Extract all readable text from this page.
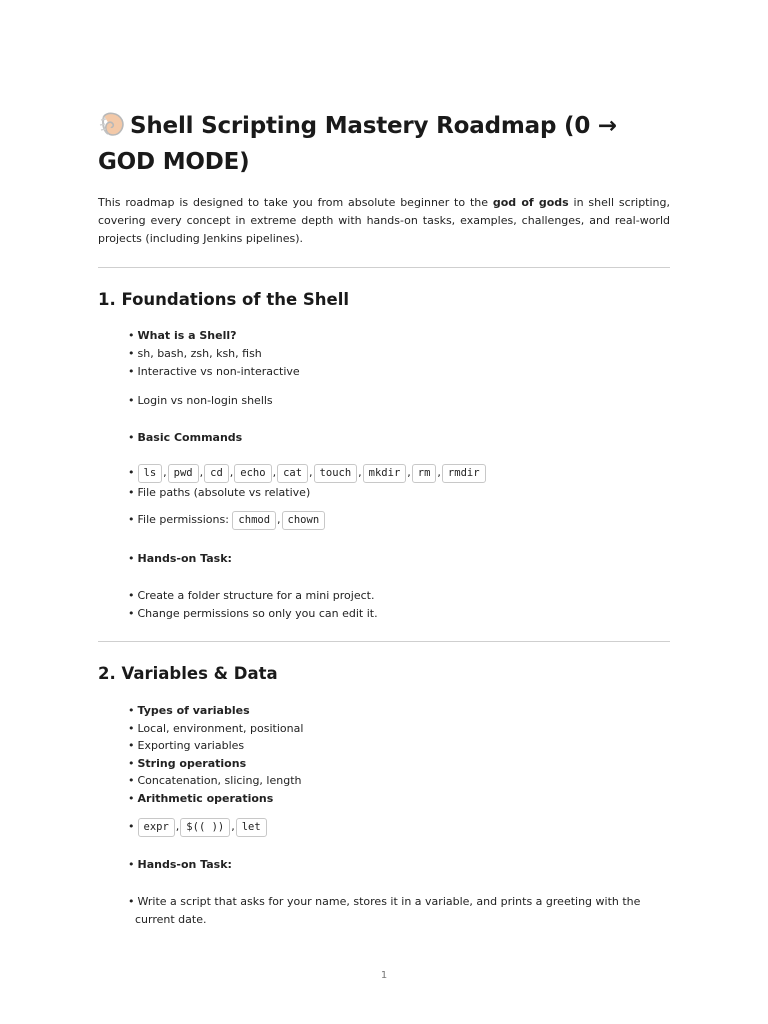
Shell Scripting Mastery Roadmap (0 → GOD MODE)

This roadmap is designed to take you from absolute beginner to the god of gods in shell scripting, covering every concept in extreme depth with hands-on tasks, examples, challenges, and real-world projects (including Jenkins pipelines).

1. Foundations of the Shell
• What is a Shell?
• sh, bash, zsh, ksh, fish
• Interactive vs non-interactive
• Login vs non-login shells
• Basic Commands
• ls , pwd , cd , echo , cat , touch , mkdir , rm , rmdir
• File paths (absolute vs relative)
• File permissions: chmod , chown
• Hands-on Task:
• Create a folder structure for a mini project.
• Change permissions so only you can edit it.
2. Variables & Data
• Types of variables
• Local, environment, positional
• Exporting variables
• String operations
• Concatenation, slicing, length
• Arithmetic operations
• expr , $(( )) , let
• Hands-on Task:
• Write a script that asks for your name, stores it in a variable, and prints a greeting with the current date.
1
